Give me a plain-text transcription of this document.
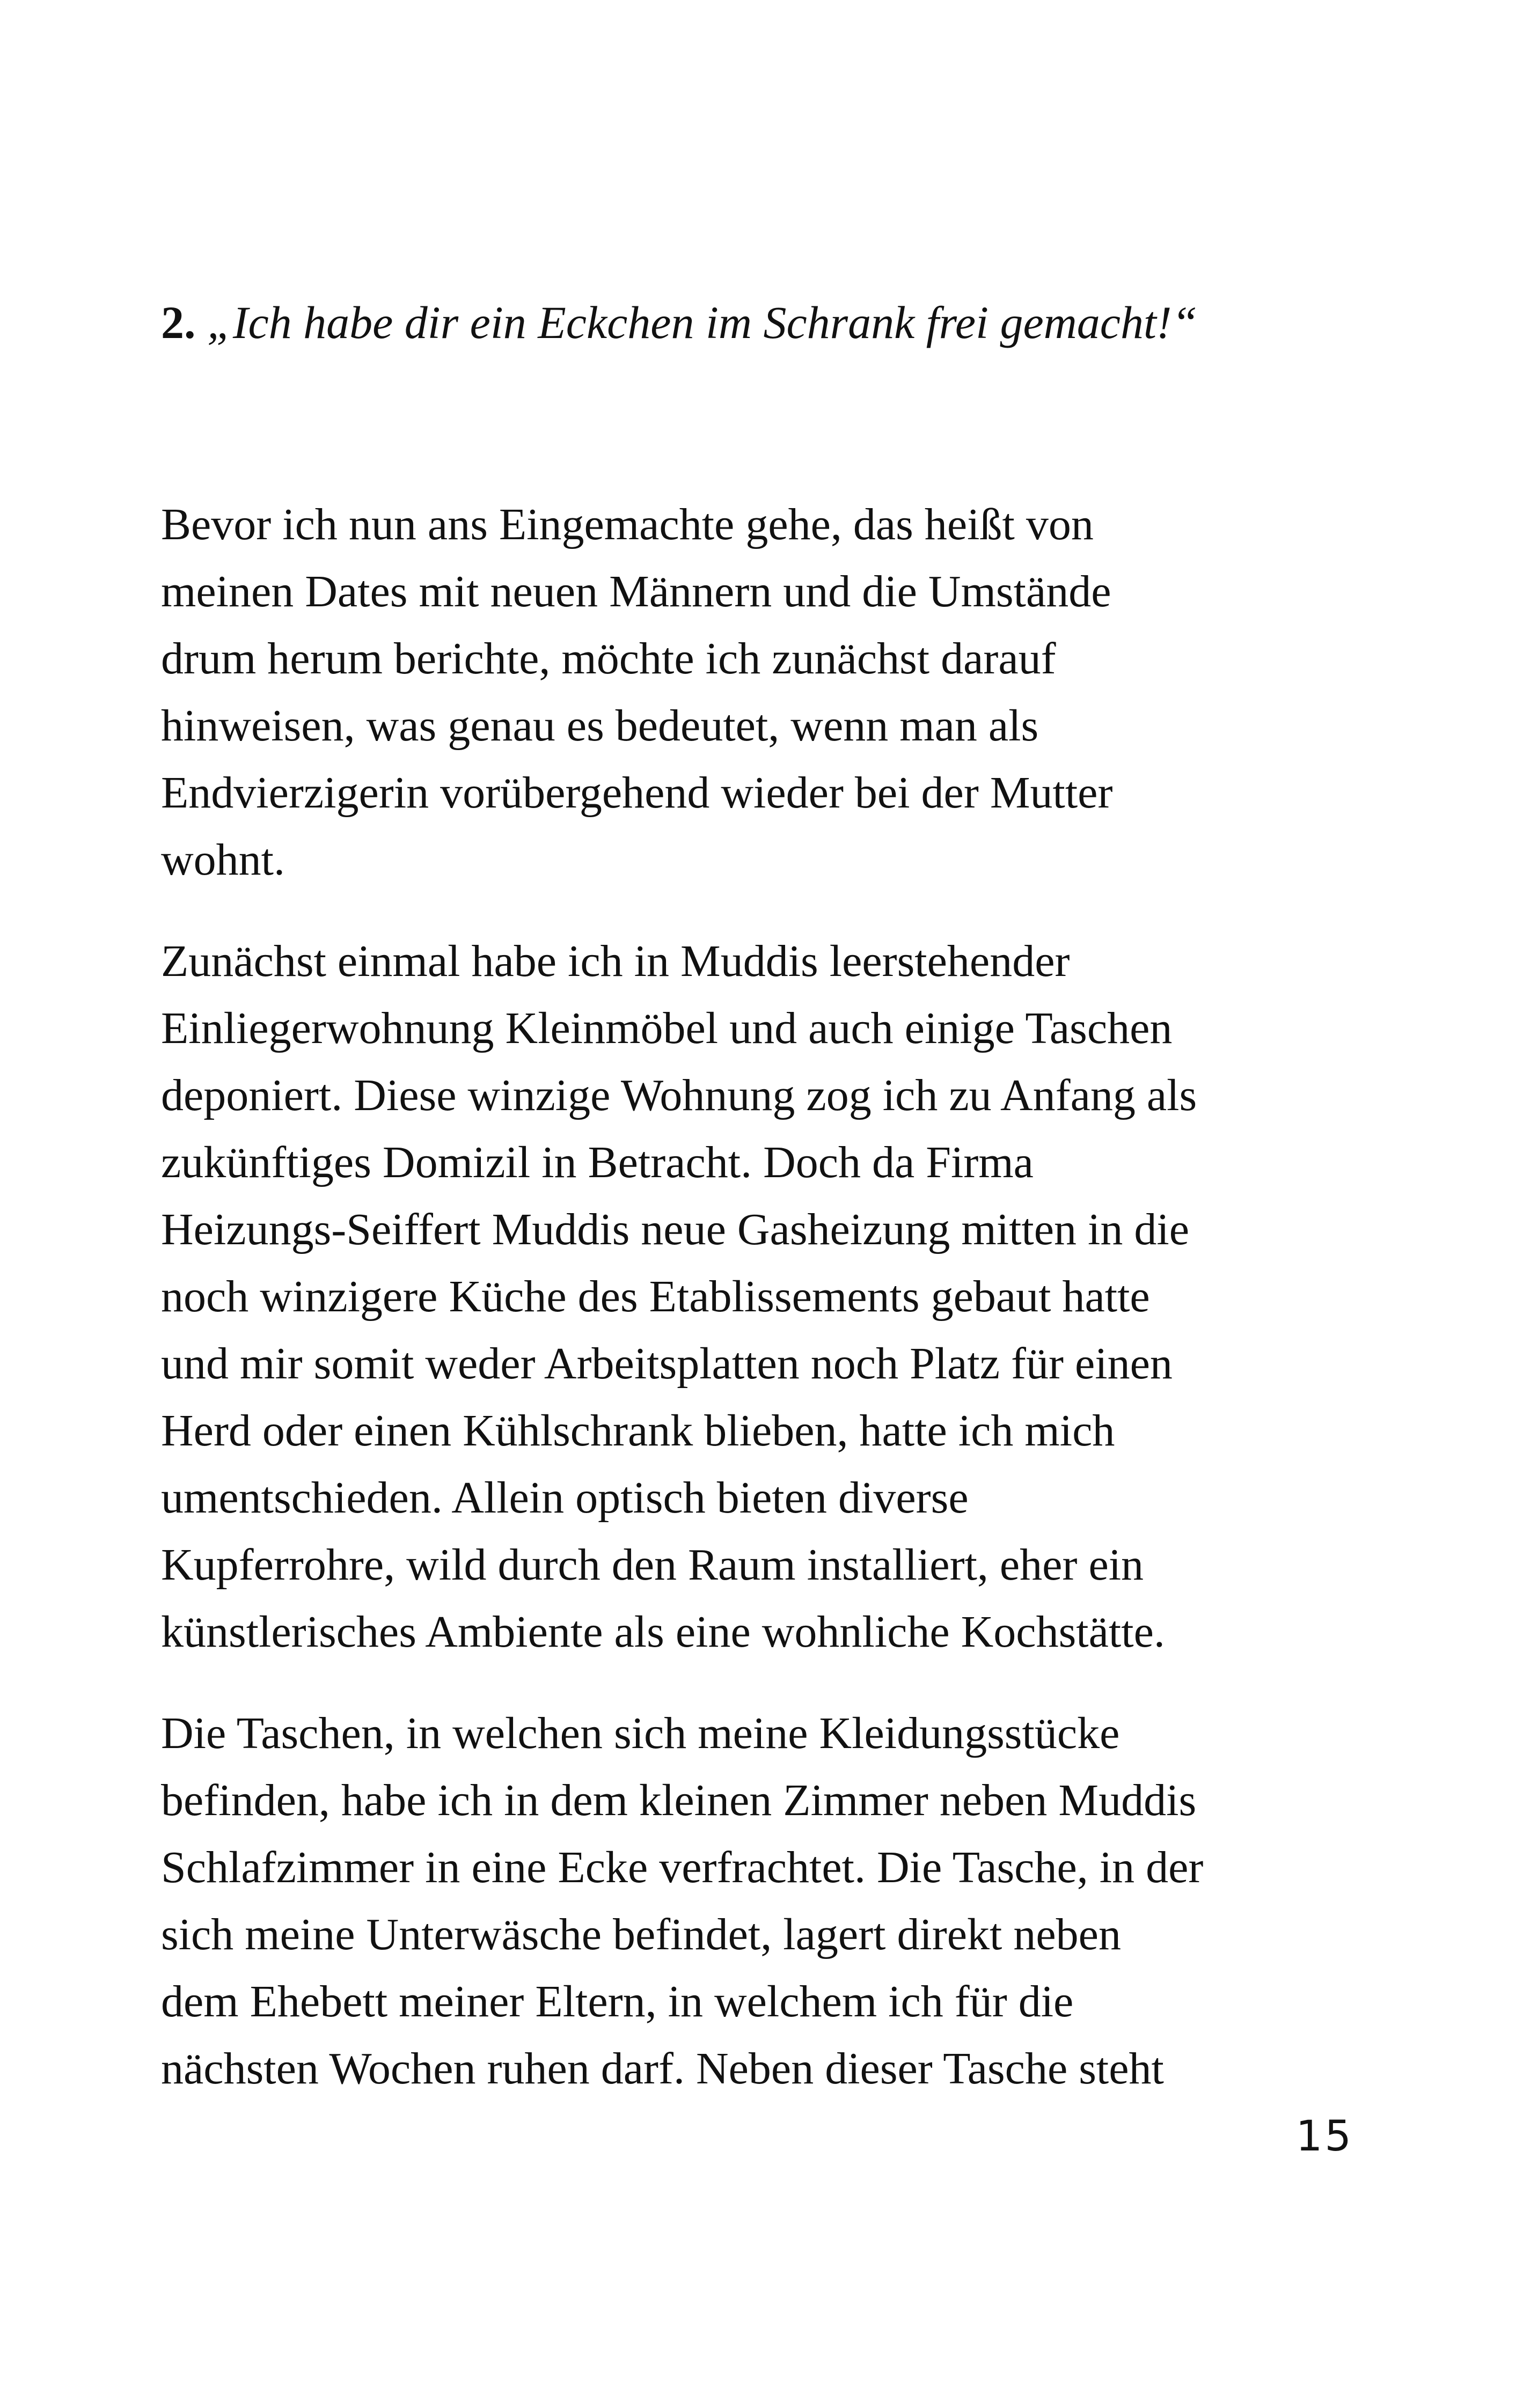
2. „Ich habe dir ein Eckchen im Schrank frei gemacht!“

Bevor ich nun ans Eingemachte gehe, das heißt von
meinen Dates mit neuen Männern und die Umstände
drum herum berichte, möchte ich zunächst darauf
hinweisen, was genau es bedeutet, wenn man als
Endvierzigerin vorübergehend wieder bei der Mutter
wohnt.

Zunächst einmal habe ich in Muddis leerstehender
Einliegerwohnung Kleinmöbel und auch einige Taschen
deponiert. Diese winzige Wohnung zog ich zu Anfang als
zukünftiges Domizil in Betracht. Doch da Firma
Heizungs-Seiffert Muddis neue Gasheizung mitten in die
noch winzigere Küche des Etablissements gebaut hatte
und mir somit weder Arbeitsplatten noch Platz für einen
Herd oder einen Kühlschrank blieben, hatte ich mich
umentschieden. Allein optisch bieten diverse
Kupferrohre, wild durch den Raum installiert, eher ein
künstlerisches Ambiente als eine wohnliche Kochstätte.

Die Taschen, in welchen sich meine Kleidungsstücke
befinden, habe ich in dem kleinen Zimmer neben Muddis
Schlafzimmer in eine Ecke verfrachtet. Die Tasche, in der
sich meine Unterwäsche befindet, lagert direkt neben
dem Ehebett meiner Eltern, in welchem ich für die
nächsten Wochen ruhen darf. Neben dieser Tasche steht

15
